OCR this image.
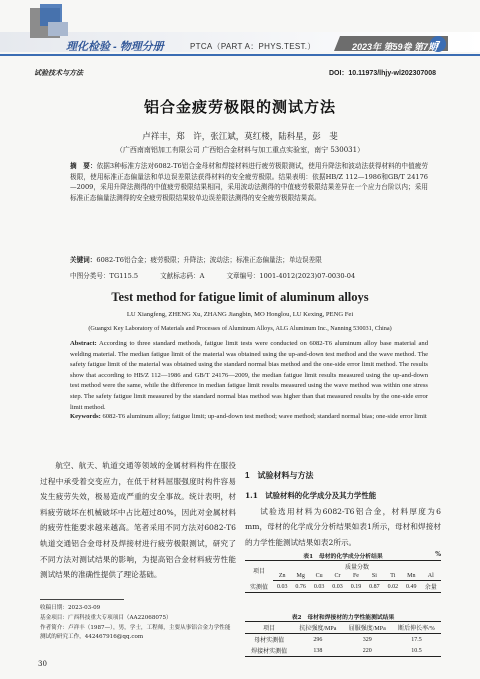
7
理化检验 - 物理分册	PTCA（PART A：PHYS.TEST.）	2023年 第59卷 第7期
试验技术与方法	DOI：10.11973/lhjy-wl202307008
铝合金疲劳极限的测试方法
卢祥丰，郑　许，张江斌，莫红楼，陆科星，彭　斐
（广西南南铝加工有限公司 广西铝合金材料与加工重点实验室，南宁 530031）
摘　要：依据3种标准方法对6082-T6铝合金母材和焊接材料进行疲劳极限测试，使用升降法和波动法获得材料的中值疲劳极限，使用标准正态偏量法和单边误差限法获得材料的安全疲劳极限。结果表明：依据HB/Z 112—1986和GB/T 24176—2009，采用升降法测得的中值疲劳极限结果相同，采用波动法测得的中值疲劳极限结果差异在一个应力台阶以内；采用标准正态偏量法测得的安全疲劳极限结果较单边误差限法测得的安全疲劳极限结果高。
关键词：6082-T6铝合金；疲劳极限；升降法；波动法；标准正态偏量法；单边误差限
中图分类号：TG115.5	文献标志码：A	文章编号：1001-4012(2023)07-0030-04
Test method for fatigue limit of aluminum alloys
LU Xiangfeng, ZHENG Xu, ZHANG Jiangbin, MO Honglou, LU Kexing, PENG Fei
(Guangxi Key Laboratory of Materials and Processes of Aluminum Alloys, ALG Aluminum Inc., Nanning 530031, China)
Abstract: According to three standard methods, fatigue limit tests were conducted on 6082-T6 aluminum alloy base material and welding material. The median fatigue limit of the material was obtained using the up-and-down test method and the wave method. The safety fatigue limit of the material was obtained using the standard normal bias method and the one-side error limit method. The results show that according to HB/Z 112—1986 and GB/T 24176—2009, the median fatigue limit results measured using the up-and-down test method were the same, while the difference in median fatigue limit results measured using the wave method was within one stress step. The safety fatigue limit measured by the standard normal bias method was higher than that measured results by the one-side error limit method.
Keywords: 6082-T6 aluminum alloy; fatigue limit; up-and-down test method; wave method; standard normal bias; one-side error limit
航空、航天、轨道交通等领域的金属材料构件在服役过程中承受着交变应力，在低于材料屈服强度时构件容易发生疲劳失效，极易造成严重的安全事故。统计表明，材料疲劳破坏在机械破坏中占比超过80%，因此对金属材料的疲劳性能要求越来越高。笔者采用不同方法对6082-T6轨道交通铝合金母材及焊接材进行疲劳极限测试，研究了不同方法对测试结果的影响，为提高铝合金材料疲劳性能测试结果的准确性提供了理论基础。
收稿日期：2023-03-09
基金项目：广西科技重大专项项目（AA22068075）
作者简介：卢祥丰（1987—），男，学士，工程师，主要从事铝合金力学性能测试的研究工作，442467916@qq.com
30
1　试验材料与方法
1.1　试验材料的化学成分及其力学性能
试验选用材料为6082-T6铝合金，材料厚度为6 mm，母材的化学成分分析结果如表1所示，母材和焊接材的力学性能测试结果如表2所示。
表1　母材的化学成分分析结果	%
项目	质量分数								
	Zn	Mg	Cu	Cr	Fe	Si	Ti	Mn	Al
实测值	0.03	0.76	0.03	0.03	0.19	0.87	0.02	0.49	余量
表2　母材和焊接材的力学性能测试结果
项目	抗拉强度/MPa	屈服强度/MPa	断后伸长率/%
母材实测值	296	329	17.5
焊接材实测值	138	220	10.5
